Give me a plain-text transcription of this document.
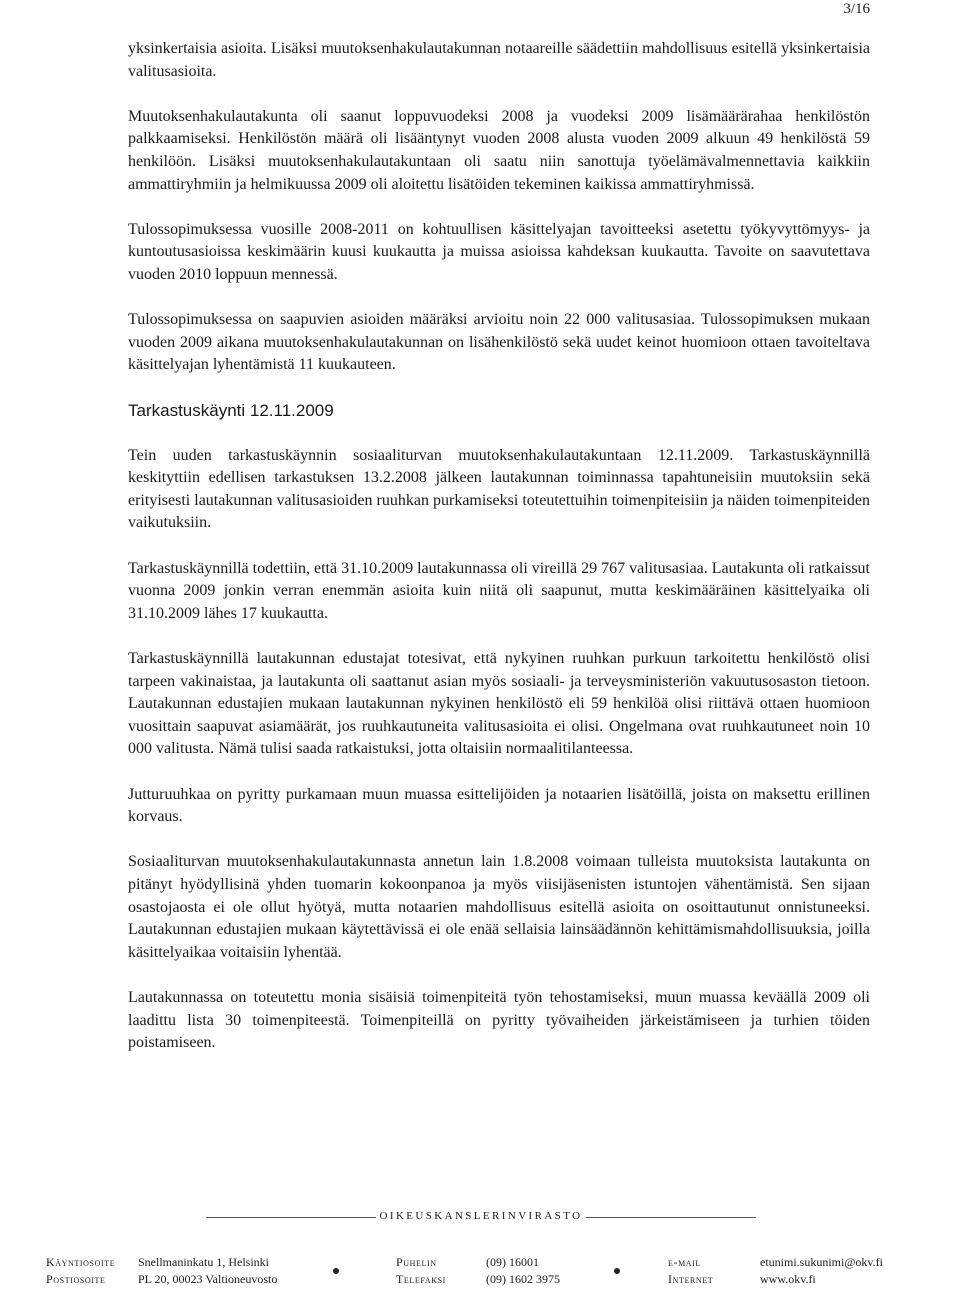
3/16

yksinkertaisia asioita. Lisäksi muutoksenhakulautakunnan notaareille säädettiin mahdollisuus esitellä yksinkertaisia valitusasioita.

Muutoksenhakulautakunta oli saanut loppuvuodeksi 2008 ja vuodeksi 2009 lisämäärärahaa henkilöstön palkkaamiseksi. Henkilöstön määrä oli lisääntynyt vuoden 2008 alusta vuoden 2009 alkuun 49 henkilöstä 59 henkilöön. Lisäksi muutoksenhakulautakuntaan oli saatu niin sanottuja työelämävalmennettavia kaikkiin ammattiryhmiin ja helmikuussa 2009 oli aloitettu lisätöiden tekeminen kaikissa ammattiryhmissä.

Tulossopimuksessa vuosille 2008-2011 on kohtuullisen käsittelyajan tavoitteeksi asetettu työkyvyttömyys- ja kuntoutusasioissa keskimäärin kuusi kuukautta ja muissa asioissa kahdeksan kuukautta. Tavoite on saavutettava vuoden 2010 loppuun mennessä.

Tulossopimuksessa on saapuvien asioiden määräksi arvioitu noin 22 000 valitusasiaa. Tulossopimuksen mukaan vuoden 2009 aikana muutoksenhakulautakunnan on lisähenkilöstö sekä uudet keinot huomioon ottaen tavoiteltava käsittelyajan lyhentämistä 11 kuukauteen.

Tarkastuskäynti 12.11.2009

Tein uuden tarkastuskäynnin sosiaaliturvan muutoksenhakulautakuntaan 12.11.2009. Tarkastuskäynnillä keskityttiin edellisen tarkastuksen 13.2.2008 jälkeen lautakunnan toiminnassa tapahtuneisiin muutoksiin sekä erityisesti lautakunnan valitusasioiden ruuhkan purkamiseksi toteutettuihin toimenpiteisiin ja näiden toimenpiteiden vaikutuksiin.

Tarkastuskäynnillä todettiin, että 31.10.2009 lautakunnassa oli vireillä 29 767 valitusasiaa. Lautakunta oli ratkaissut vuonna 2009 jonkin verran enemmän asioita kuin niitä oli saapunut, mutta keskimääräinen käsittelyaika oli 31.10.2009 lähes 17 kuukautta.

Tarkastuskäynnillä lautakunnan edustajat totesivat, että nykyinen ruuhkan purkuun tarkoitettu henkilöstö olisi tarpeen vakinaistaa, ja lautakunta oli saattanut asian myös sosiaali- ja terveysministeriön vakuutusosaston tietoon. Lautakunnan edustajien mukaan lautakunnan nykyinen henkilöstö eli 59 henkilöä olisi riittävä ottaen huomioon vuosittain saapuvat asiamäärät, jos ruuhkautuneita valitusasioita ei olisi. Ongelmana ovat ruuhkautuneet noin 10 000 valitusta. Nämä tulisi saada ratkaistuksi, jotta oltaisiin normaalitilanteessa.

Jutturuuhkaa on pyritty purkamaan muun muassa esittelijöiden ja notaarien lisätöillä, joista on maksettu erillinen korvaus.

Sosiaaliturvan muutoksenhakulautakunnasta annetun lain 1.8.2008 voimaan tulleista muutoksista lautakunta on pitänyt hyödyllisinä yhden tuomarin kokoonpanoa ja myös viisijäsenisten istuntojen vähentämistä. Sen sijaan osastojaosta ei ole ollut hyötyä, mutta notaarien mahdollisuus esitellä asioita on osoittautunut onnistuneeksi. Lautakunnan edustajien mukaan käytettävissä ei ole enää sellaisia lainsäädännön kehittämismahdollisuuksia, joilla käsittelyaikaa voitaisiin lyhentää.

Lautakunnassa on toteutettu monia sisäisiä toimenpiteitä työn tehostamiseksi, muun muassa keväällä 2009 oli laadittu lista 30 toimenpiteestä. Toimenpiteillä on pyritty työvaiheiden järkeistämiseen ja turhien töiden poistamiseen.

OIKEUSKANSLERINVIRASTO
Käyntiosoite
Postiosoite
Snellmaninkatu 1, Helsinki
PL 20, 00023 Valtioneuvosto
Puhelin
Telefaksi
(09) 16001
(09) 1602 3975
e-mail
Internet
etunimi.sukunimi@okv.fi
www.okv.fi
